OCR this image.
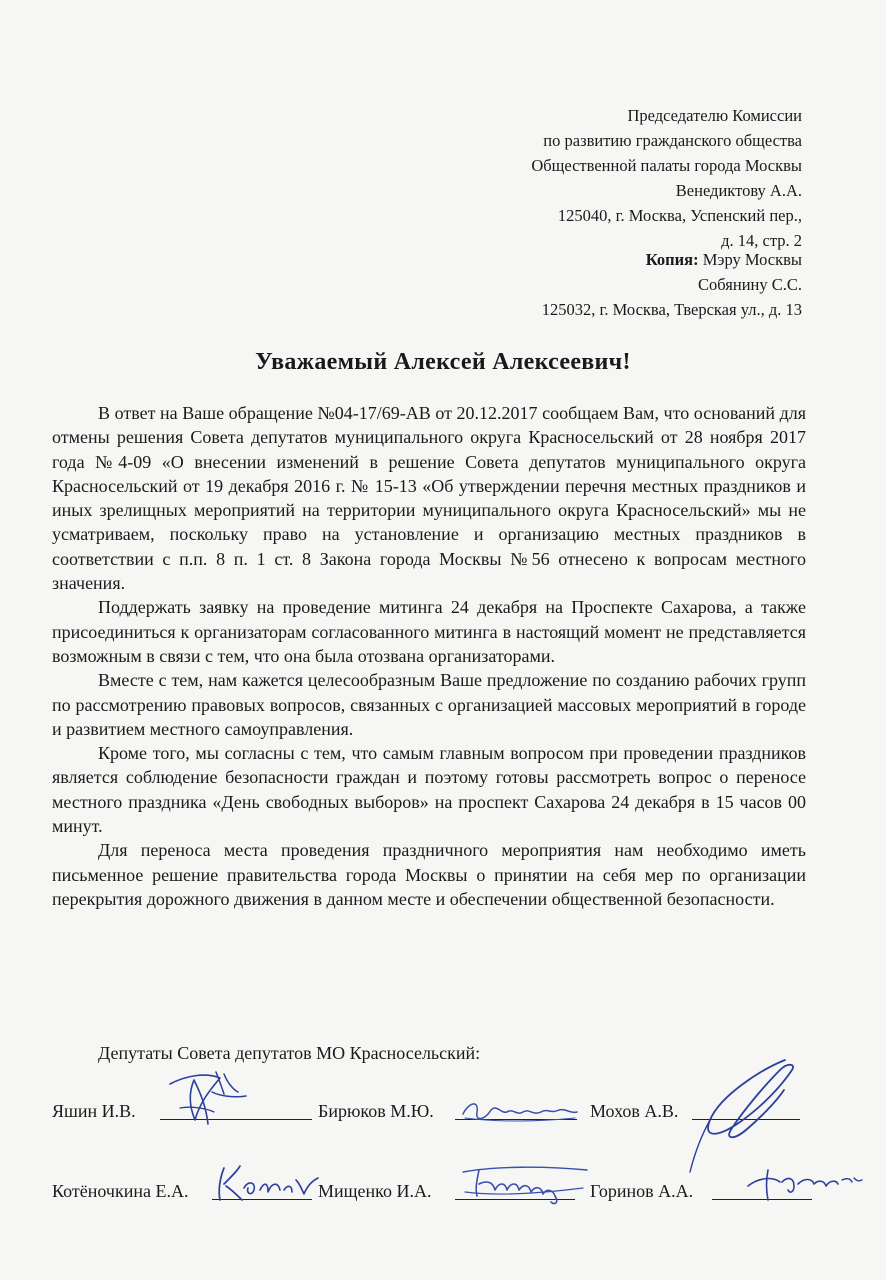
Председателю Комиссии
по развитию гражданского общества
Общественной палаты города Москвы
Венедиктову А.А.
125040, г. Москва, Успенский пер.,
д. 14, стр. 2
Копия: Мэру Москвы
Собянину С.С.
125032, г. Москва, Тверская ул., д. 13
Уважаемый Алексей Алексеевич!

В ответ на Ваше обращение №04-17/69-АВ от 20.12.2017 сообщаем Вам, что оснований для отмены решения Совета депутатов муниципального округа Красносельский от 28 ноября 2017 года №4-09 «О внесении изменений в решение Совета депутатов муниципального округа Красносельский от 19 декабря 2016 г. № 15-13 «Об утверждении перечня местных праздников и иных зрелищных мероприятий на территории муниципального округа Красносельский» мы не усматриваем, поскольку право на установление и организацию местных праздников в соответствии с п.п. 8 п. 1 ст. 8 Закона города Москвы №56 отнесено к вопросам местного значения.

Поддержать заявку на проведение митинга 24 декабря на Проспекте Сахарова, а также присоединиться к организаторам согласованного митинга в настоящий момент не представляется возможным в связи с тем, что она была отозвана организаторами.

Вместе с тем, нам кажется целесообразным Ваше предложение по созданию рабочих групп по рассмотрению правовых вопросов, связанных с организацией массовых мероприятий в городе и развитием местного самоуправления.

Кроме того, мы согласны с тем, что самым главным вопросом при проведении праздников является соблюдение безопасности граждан и поэтому готовы рассмотреть вопрос о переносе местного праздника «День свободных выборов» на проспект Сахарова 24 декабря в 15 часов 00 минут.

Для переноса места проведения праздничного мероприятия нам необходимо иметь письменное решение правительства города Москвы о принятии на себя мер по организации перекрытия дорожного движения в данном месте и обеспечении общественной безопасности.

Депутаты Совета депутатов МО Красносельский:
Яшин И.В.	Бирюков М.Ю.	Мохов А.В.
Котёночкина Е.А.	Мищенко И.А.	Горинов А.А.
